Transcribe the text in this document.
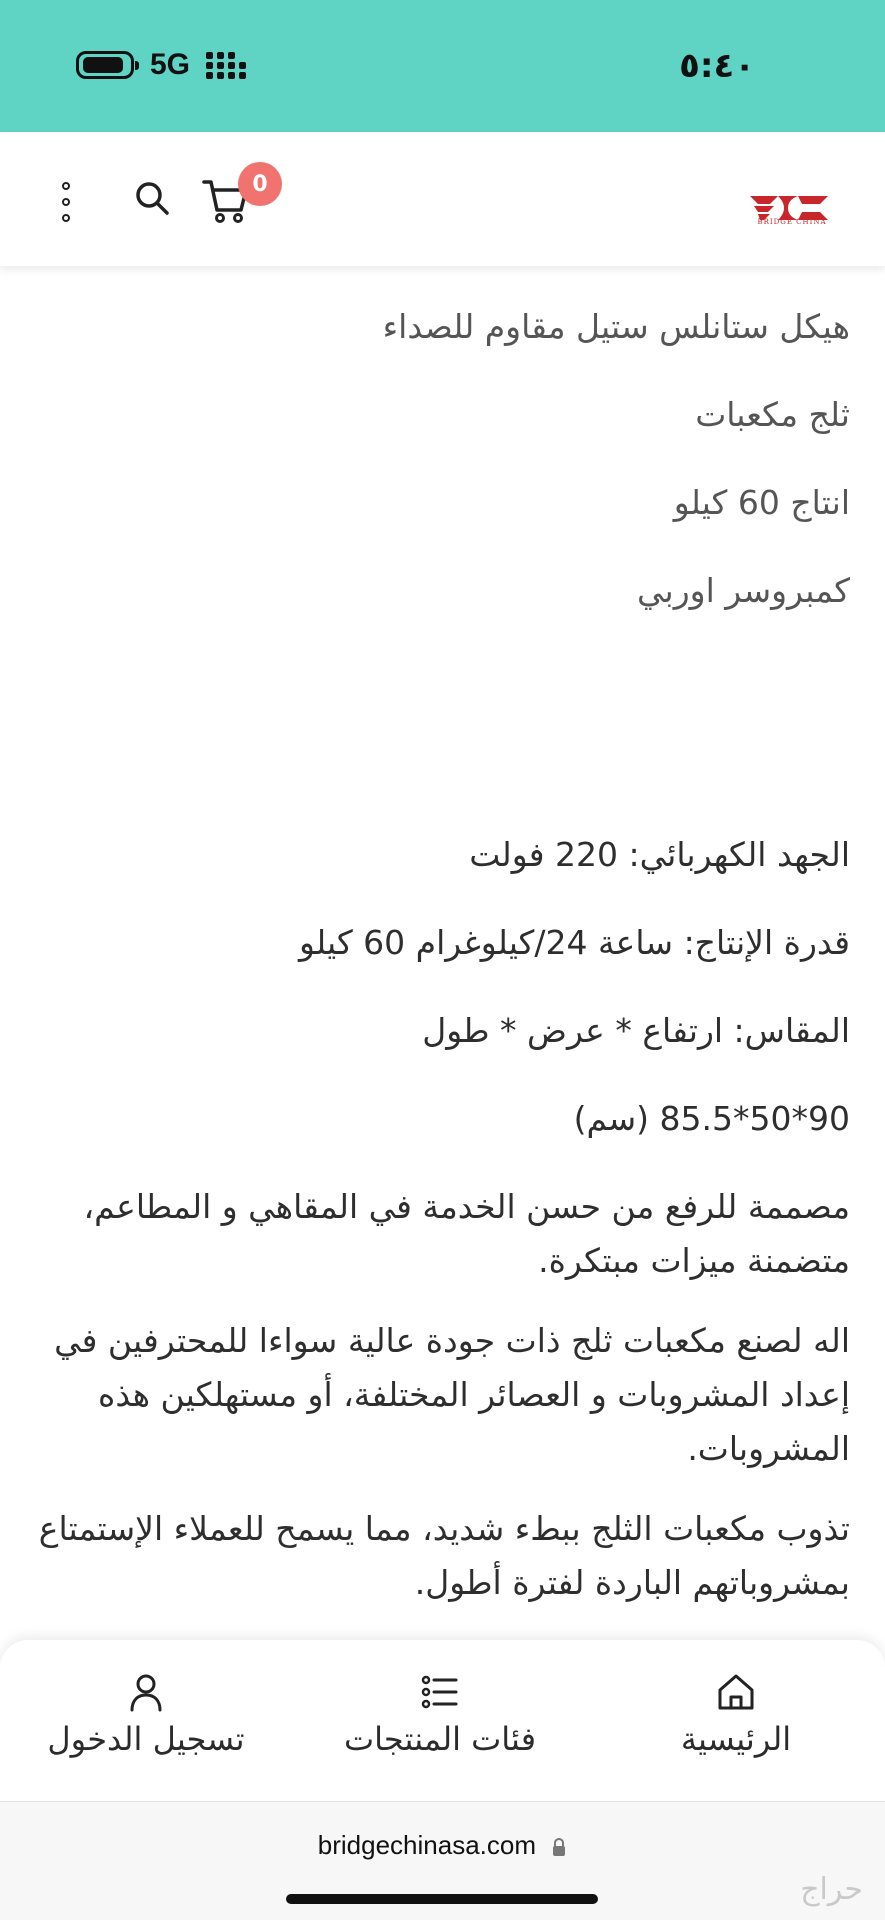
5G	٥:٤٠
0
BRIDGE CHINA

هيكل ستانلس ستيل مقاوم للصداء

ثلج مكعبات

انتاج 60 كيلو

كمبروسر اوربي

الجهد الكهربائي: 220 فولت

قدرة الإنتاج: ساعة 24/كيلوغرام 60 كيلو

المقاس: ارتفاع * عرض * طول

90*50*85.5 (سم)

مصممة للرفع من حسن الخدمة في المقاهي و المطاعم، متضمنة ميزات مبتكرة.

اله لصنع مكعبات ثلج ذات جودة عالية سواءا للمحترفين في إعداد المشروبات و العصائر المختلفة، أو مستهلكين هذه المشروبات.

تذوب مكعبات الثلج ببطء شديد، مما يسمح للعملاء الإستمتاع بمشروباتهم الباردة لفترة أطول.

الرئيسية
فئات المنتجات
تسجيل الدخول
bridgechinasa.com
حراج
